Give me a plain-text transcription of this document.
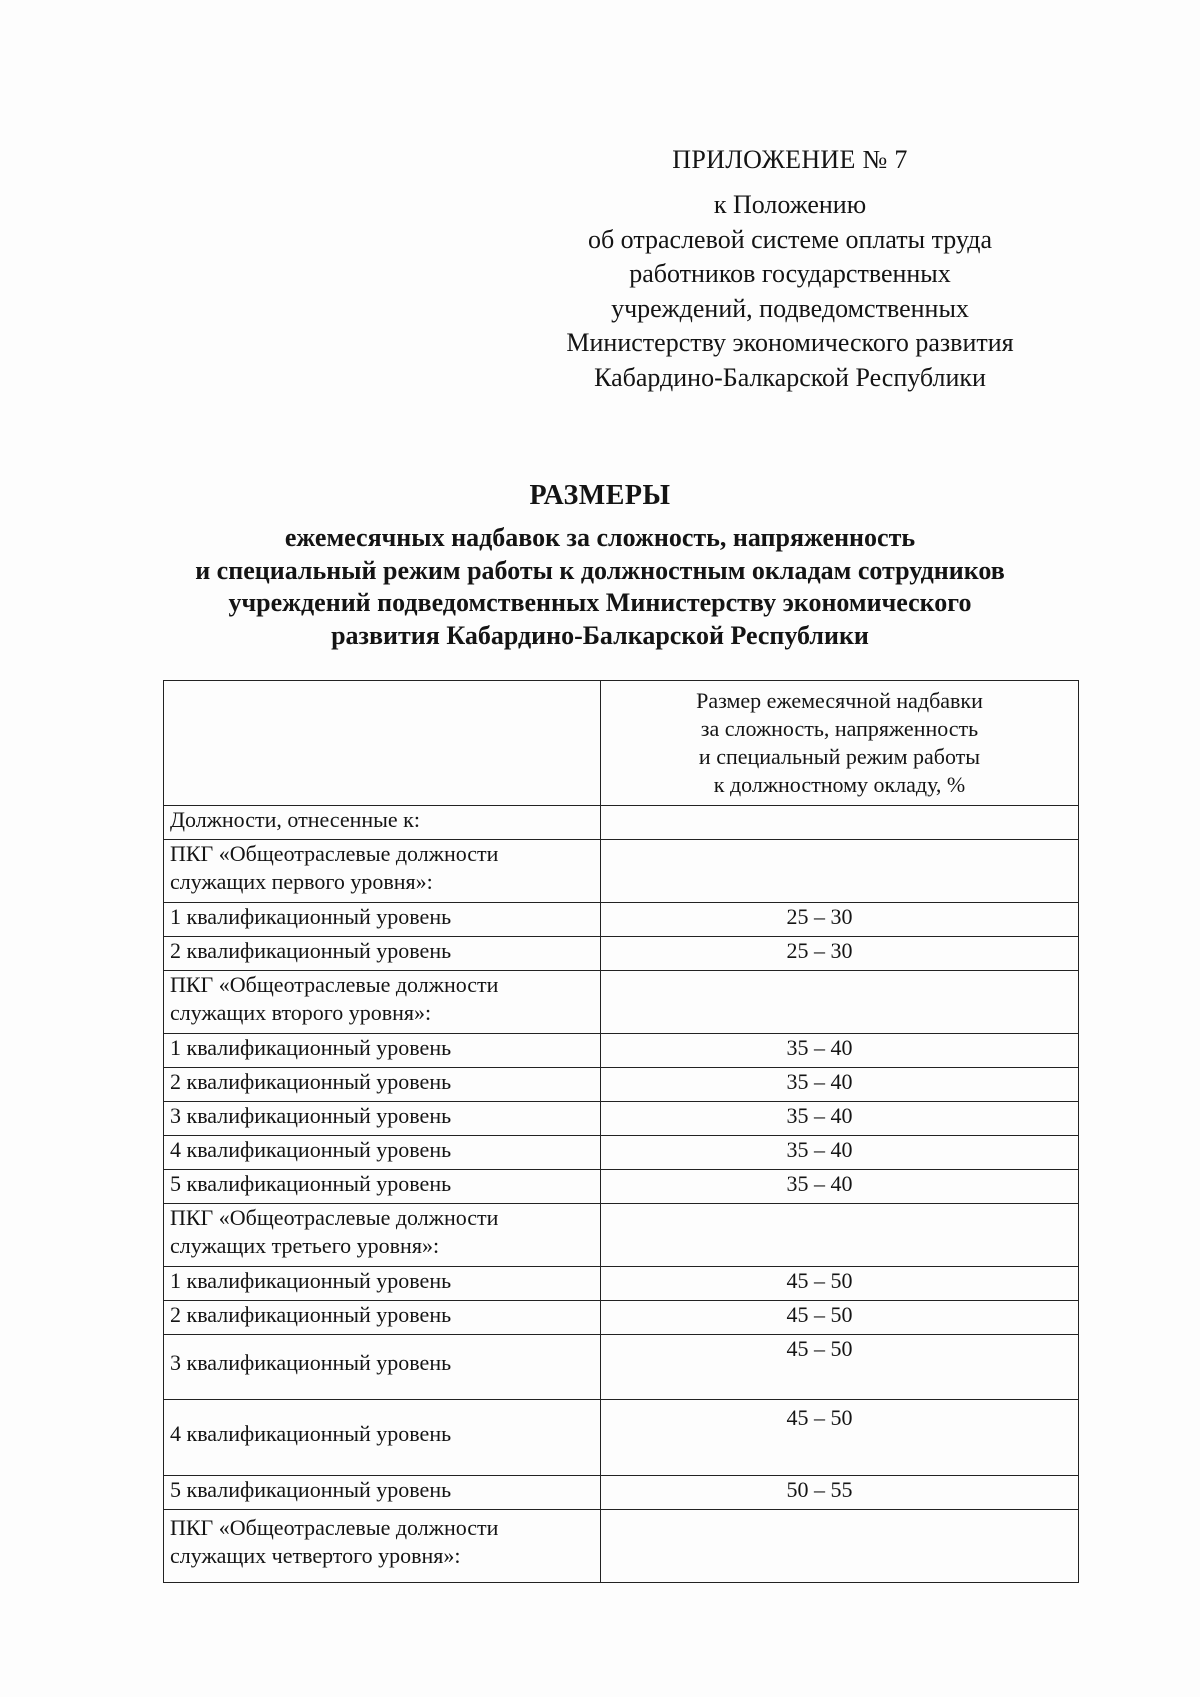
ПРИЛОЖЕНИЕ № 7
к Положению
об отраслевой системе оплаты труда
работников государственных
учреждений, подведомственных
Министерству экономического развития
Кабардино-Балкарской Республики
РАЗМЕРЫ
ежемесячных надбавок за сложность, напряженность
и специальный режим работы к должностным окладам сотрудников
учреждений подведомственных Министерству экономического
развития Кабардино-Балкарской Республики

	Размер ежемесячной надбавки
за сложность, напряженность
и специальный режим работы
к должностному окладу, %

Должности, отнесенные к:	

ПКГ «Общеотраслевые должности
служащих первого уровня»:	

1 квалификационный уровень	25 – 30

2 квалификационный уровень	25 – 30

ПКГ «Общеотраслевые должности
служащих второго уровня»:	

1 квалификационный уровень	35 – 40

2 квалификационный уровень	35 – 40

3 квалификационный уровень	35 – 40

4 квалификационный уровень	35 – 40

5 квалификационный уровень	35 – 40

ПКГ «Общеотраслевые должности
служащих третьего уровня»:	

1 квалификационный уровень	45 – 50

2 квалификационный уровень	45 – 50

3 квалификационный уровень	45 – 50

4 квалификационный уровень	45 – 50

5 квалификационный уровень	50 – 55

ПКГ «Общеотраслевые должности
служащих четвертого уровня»:	
